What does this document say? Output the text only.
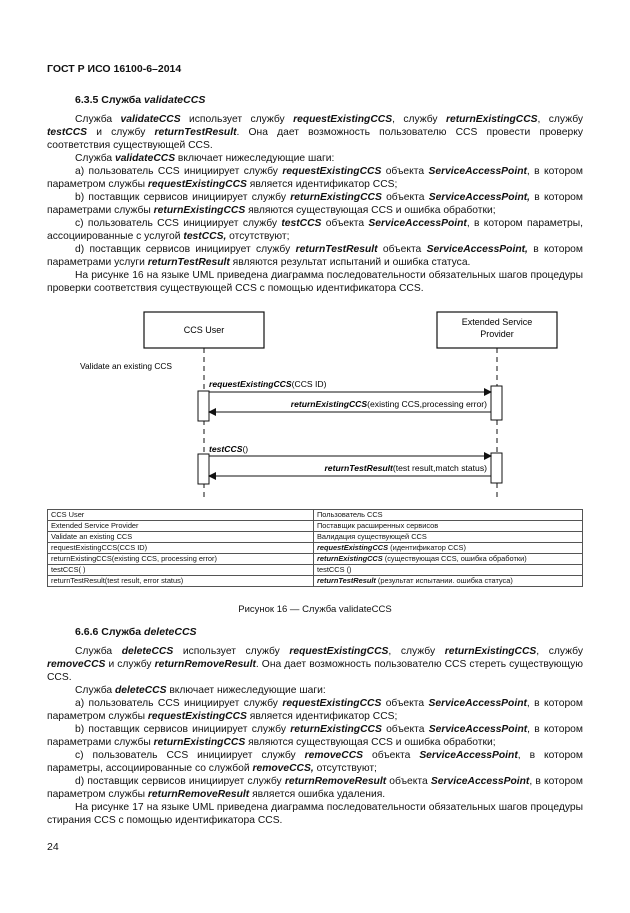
ГОСТ Р ИСО 16100-6–2014
6.3.5 Служба validateCCS

Служба validateCCS использует службу requestExistingCCS, службу returnExistingCCS, службу testCCS и службу returnTestResult. Она дает возможность пользователю CCS провести проверку соответствия существующей CCS.

Служба validateCCS включает нижеследующие шаги:

a) пользователь CCS инициирует службу requestExistingCCS объекта ServiceAccessPoint, в котором параметром службы requestExistingCCS является идентификатор CCS;

b) поставщик сервисов инициирует службу returnExistingCCS объекта ServiceAccessPoint, в котором параметрами службы returnExistingCCS являются существующая CCS и ошибка обработки;

c) пользователь CCS инициирует службу testCCS объекта ServiceAccessPoint, в котором параметры, ассоциированные с услугой testCCS, отсутствуют;

d) поставщик сервисов инициирует службу returnTestResult объекта ServiceAccessPoint, в котором параметрами услуги returnTestResult являются результат испытаний и ошибка статуса.

На рисунке 16 на языке UML приведена диаграмма последовательности обязательных шагов процедуры проверки соответствия существующей CCS с помощью идентификатора CCS.

CCS User
Extended Service
Provider
Validate an existing CCS
requestExistingCCS(CCS ID)
returnExistingCCS(existing CCS,processing error)
testCCS()
returnTestResult(test result,match status)
CCS User	Пользователь CCS
Extended Service Provider	Поставщик расширенных сервисов
Validate an existing CCS	Валидация существующей CCS
requestExistingCCS(CCS ID)	requestExistingCCS (идентификатор CCS)
returnExistingCCS(existing CCS, processing error)	returnExistingCCS (существующая CCS, ошибка обработки)
testCCS( )	testCCS ()
returnTestResult(test result, error status)	returnTestResult (результат испытании. ошибка статуса)
Рисунок 16 — Служба validateCCS
6.6.6 Служба deleteCCS

Служба deleteCCS использует службу requestExistingCCS, службу returnExistingCCS, службу removeCCS и службу returnRemoveResult. Она дает возможность пользователю CCS стереть существующую CCS.

Служба deleteCCS включает нижеследующие шаги:

a) пользователь CCS инициирует службу requestExistingCCS объекта ServiceAccessPoint, в котором параметром службы requestExistingCCS является идентификатор CCS;

b) поставщик сервисов инициирует службу returnExistingCCS объекта ServiceAccessPoint, в котором параметрами службы returnExistingCCS являются существующая CCS и ошибка обработки;

c) пользователь CCS инициирует службу removeCCS объекта ServiceAccessPoint, в котором параметры, ассоциированные со службой removeCCS, отсутствуют;

d) поставщик сервисов инициирует службу returnRemoveResult объекта ServiceAccessPoint, в котором параметром службы returnRemoveResult является ошибка удаления.

На рисунке 17 на языке UML приведена диаграмма последовательности обязательных шагов процедуры стирания CCS с помощью идентификатора CCS.

24
